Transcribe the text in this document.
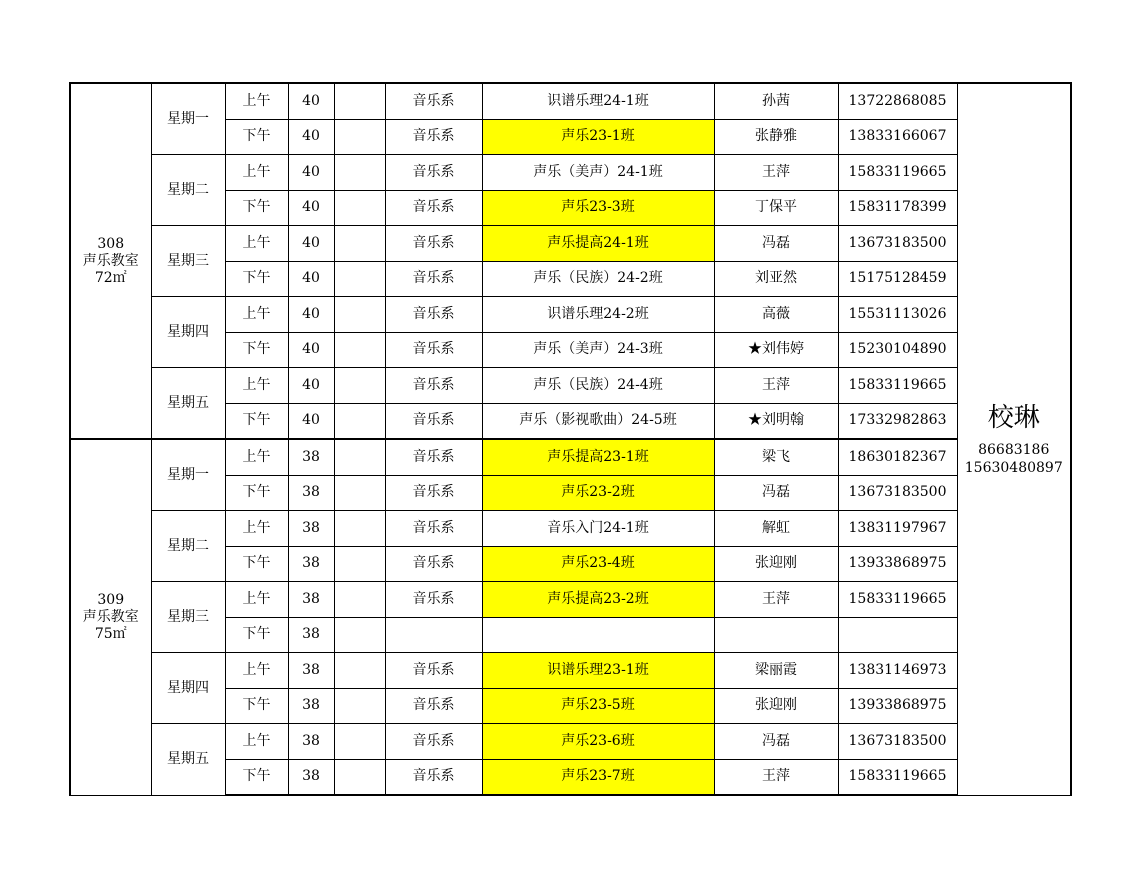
308
声乐教室
72㎡	星期一	上午	40		音乐系	识谱乐理24-1班	孙茜	13722868085	校琳
86683186
15630480897

		下午	40		音乐系	声乐23-1班	张静雅	13833166067	
	星期二	上午	40		音乐系	声乐（美声）24-1班	王萍	15833119665	
		下午	40		音乐系	声乐23-3班	丁保平	15831178399	
	星期三	上午	40		音乐系	声乐提高24-1班	冯磊	13673183500	
		下午	40		音乐系	声乐（民族）24-2班	刘亚然	15175128459	
	星期四	上午	40		音乐系	识谱乐理24-2班	高薇	15531113026	
		下午	40		音乐系	声乐（美声）24-3班	★刘伟婷	15230104890	
	星期五	上午	40		音乐系	声乐（民族）24-4班	王萍	15833119665	
		下午	40		音乐系	声乐（影视歌曲）24-5班	★刘明翰	17332982863	

309
声乐教室
75㎡	星期一	上午	38		音乐系	声乐提高23-1班	梁飞	18630182367	
		下午	38		音乐系	声乐23-2班	冯磊	13673183500	
	星期二	上午	38		音乐系	音乐入门24-1班	解虹	13831197967	
		下午	38		音乐系	声乐23-4班	张迎刚	13933868975	
	星期三	上午	38		音乐系	声乐提高23-2班	王萍	15833119665	
		下午	38						
	星期四	上午	38		音乐系	识谱乐理23-1班	梁丽霞	13831146973	
		下午	38		音乐系	声乐23-5班	张迎刚	13933868975	
	星期五	上午	38		音乐系	声乐23-6班	冯磊	13673183500	
		下午	38		音乐系	声乐23-7班	王萍	15833119665	
